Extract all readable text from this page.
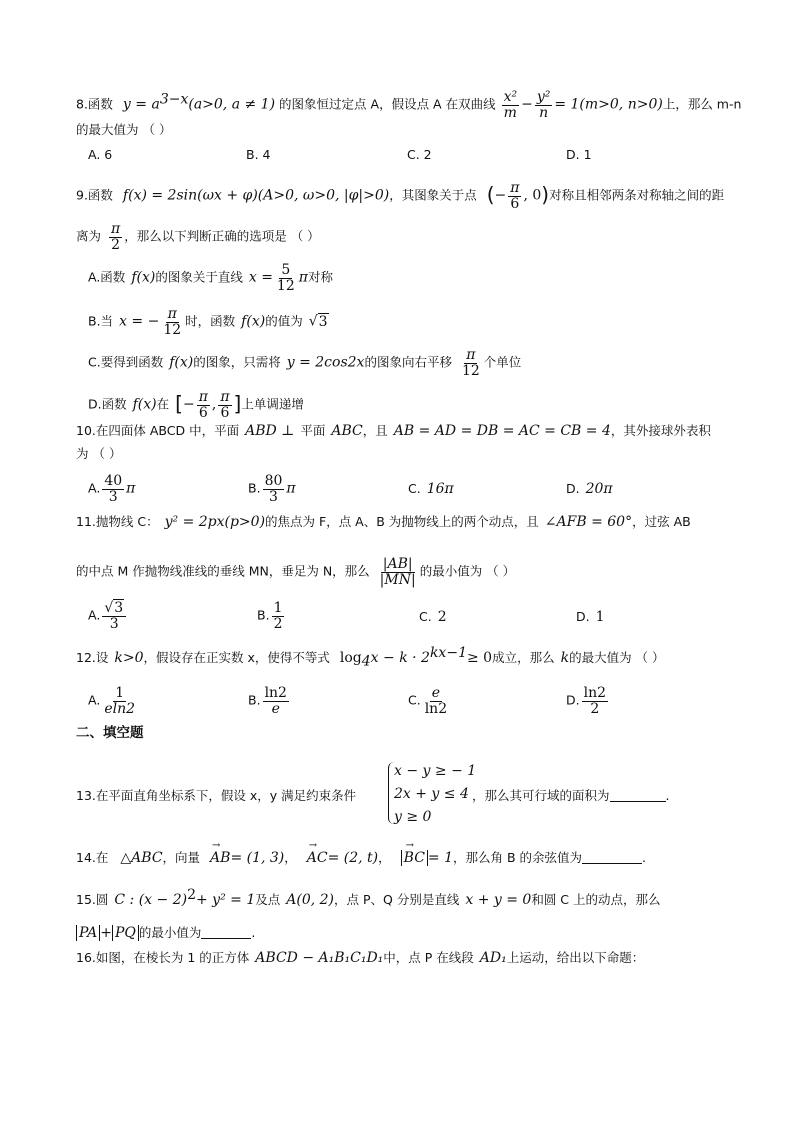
8.函数 $y = a^{3-x}(a>0$, a ≠ 1) 的图象恒过定点 A，假设点 A 在双曲线 $\frac{\text{x²}}{m} - \frac{\text{y²}}{n} = 1(m>0$, n>0)上，那么 m-n
的最大值为 （ ）
A. 6	B. 4	C. 2	D. 1
9.函数 f(x) = 2sin(ωx + φ)(A>0, ω>0, |φ|>0)，其图象关于点 (− $\frac{\pi}{6}$ , 0)对称且相邻两条对称轴之间的距
离为 $\frac{\pi}{2}$ ，那么以下判断正确的选项是 （ ）
A.函数 f(x)的图象关于直线 $x = \frac{5}{12}$ π对称
B.当 x = − $\frac{\pi}{12}$ 时，函数 f(x)的值为 √3
C.要得到函数 f(x)的图象，只需将 y = 2cos2x的图象向右平移 $\frac{\pi}{12}$ 个单位
D.函数 f(x)在 [− $\frac{\pi}{6}$ , $\frac{\pi}{6}$ ]上单调递增
10.在四面体 ABCD 中，平面 ABD ⊥ 平面 ABC，且 AB = AD = DB = AC = CB = 4，其外接球外表积
为 （ ）
A. $\frac{40}{3}$ π	B. $\frac{80}{3}$ π	C. 16π	D. 20π
11.抛物线 C： y² = 2px(p>0)的焦点为 F，点 A、B 为抛物线上的两个动点，且 ∠AFB = 60°，过弦 AB
的中点 M 作抛物线准线的垂线 MN，垂足为 N，那么 $\frac{|AB|}{|MN|}$ 的最小值为 （ ）
A. $\frac{√3}{3}$	B. $\frac{1}{2}$	C. 2	D. 1
12.设 k>0，假设存在正实数 x，使得不等式 $\log_4x - k \cdot 2^{kx-1}\ge 0$成立，那么 k的最大值为 （ ）
A. $\frac{1}{eln2}$	B. $\frac{\ln 2}{e}$	C. $\frac{e}{\ln 2}$	D. $\frac{\ln 2}{2}$
二、填空题
13.在平面直角坐标系下，假设 x，y 满足约束条件
x − y ≥ − 1
2x + y ≤ 4
y ≥ 0
，那么其可行域的面积为	.
14.在 △ABC，向量 → AB= (1, 3)， → AC= (2, t)， → BC = 1，那么角 B 的余弦值为	.
15.圆 C : $(x - 2)^2+ y^2 = 1$及点 A(0, 2)，点 P、Q 分别是直线 x + y = 0和圆 C 上的动点，那么
PA + PQ 的最小值为	.
16.如图，在棱长为 1 的正方体 ABCD − A₁B₁C₁D₁中，点 P 在线段 AD₁上运动，给出以下命题：
